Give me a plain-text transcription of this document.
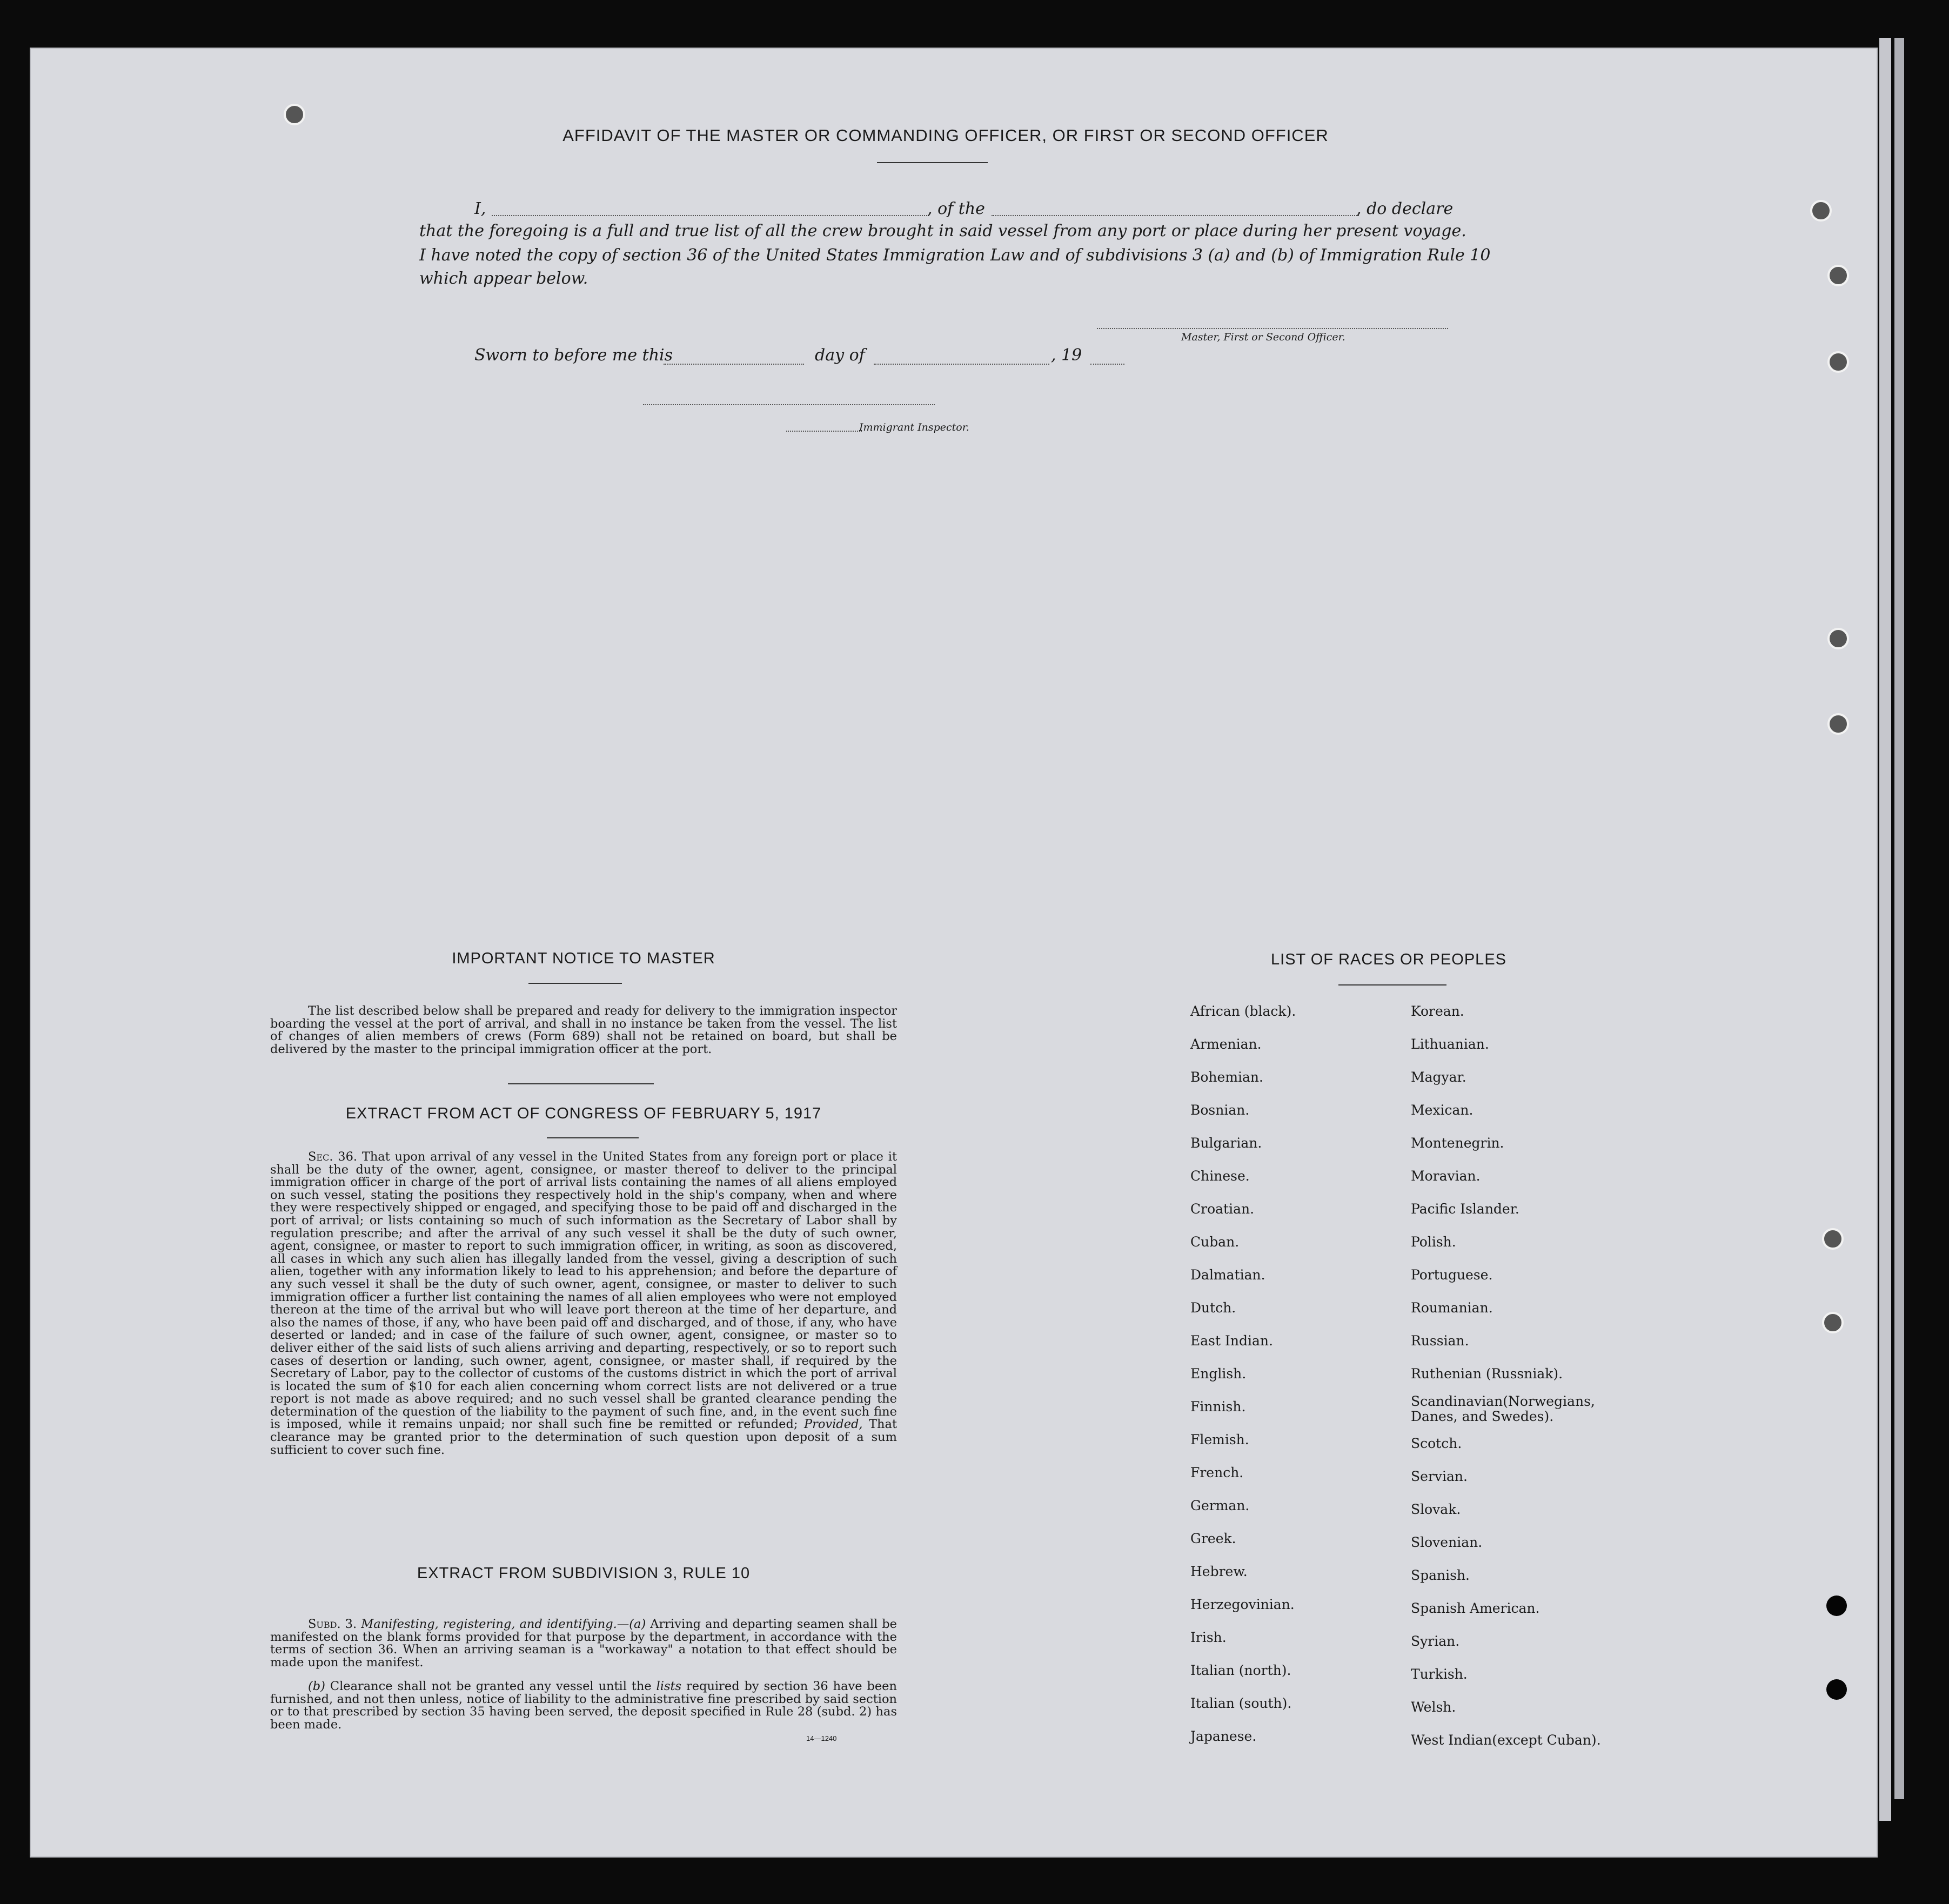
AFFIDAVIT OF THE MASTER OR COMMANDING OFFICER, OR FIRST OR SECOND OFFICER
I,	, of the	, do declare
that the foregoing is a full and true list of all the crew brought in said vessel from any port or place during her present voyage.
I have noted the copy of section 36 of the United States Immigration Law and of subdivisions 3 (a) and (b) of Immigration Rule 10
which appear below.
Master, First or Second Officer.
Sworn to before me this	day of	, 19
Immigrant Inspector.
IMPORTANT NOTICE TO MASTER

The list described below shall be prepared and ready for delivery to the immigration inspector boarding the vessel at the port of arrival, and shall in no instance be taken from the vessel. The list of changes of alien members of crews (Form 689) shall not be retained on board, but shall be delivered by the master to the principal immigration officer at the port.

EXTRACT FROM ACT OF CONGRESS OF FEBRUARY 5, 1917

Sec. 36. That upon arrival of any vessel in the United States from any foreign port or place it shall be the duty of the owner, agent, consignee, or master thereof to deliver to the principal immigration officer in charge of the port of arrival lists containing the names of all aliens employed on such vessel, stating the positions they respectively hold in the ship's company, when and where they were respectively shipped or engaged, and specifying those to be paid off and discharged in the port of arrival; or lists containing so much of such information as the Secretary of Labor shall by regulation prescribe; and after the arrival of any such vessel it shall be the duty of such owner, agent, consignee, or master to report to such immigration officer, in writing, as soon as discovered, all cases in which any such alien has illegally landed from the vessel, giving a description of such alien, together with any information likely to lead to his apprehension; and before the departure of any such vessel it shall be the duty of such owner, agent, consignee, or master to deliver to such immigration officer a further list containing the names of all alien employees who were not employed thereon at the time of the arrival but who will leave port thereon at the time of her departure, and also the names of those, if any, who have been paid off and discharged, and of those, if any, who have deserted or landed; and in case of the failure of such owner, agent, consignee, or master so to deliver either of the said lists of such aliens arriving and departing, respectively, or so to report such cases of desertion or landing, such owner, agent, consignee, or master shall, if required by the Secretary of Labor, pay to the collector of customs of the customs district in which the port of arrival is located the sum of $10 for each alien concerning whom correct lists are not delivered or a true report is not made as above required; and no such vessel shall be granted clearance pending the determination of the question of the liability to the payment of such fine, and, in the event such fine is imposed, while it remains unpaid; nor shall such fine be remitted or refunded; Provided, That clearance may be granted prior to the determination of such question upon deposit of a sum sufficient to cover such fine.

EXTRACT FROM SUBDIVISION 3, RULE 10

Subd. 3. Manifesting, registering, and identifying.—(a) Arriving and departing seamen shall be manifested on the blank forms provided for that purpose by the department, in accordance with the terms of section 36. When an arriving seaman is a "workaway" a notation to that effect should be made upon the manifest.

(b) Clearance shall not be granted any vessel until the lists required by section 36 have been furnished, and not then unless, notice of liability to the administrative fine prescribed by said section or to that prescribed by section 35 having been served, the deposit specified in Rule 28 (subd. 2) has been made.

14—1240
LIST OF RACES OR PEOPLES
African (black).
Armenian.
Bohemian.
Bosnian.
Bulgarian.
Chinese.
Croatian.
Cuban.
Dalmatian.
Dutch.
East Indian.
English.
Finnish.
Flemish.
French.
German.
Greek.
Hebrew.
Herzegovinian.
Irish.
Italian (north).
Italian (south).
Japanese.
Korean.
Lithuanian.
Magyar.
Mexican.
Montenegrin.
Moravian.
Pacific Islander.
Polish.
Portuguese.
Roumanian.
Russian.
Ruthenian (Russniak).
Scandinavian(Norwegians, Danes, and Swedes).
Scotch.
Servian.
Slovak.
Slovenian.
Spanish.
Spanish American.
Syrian.
Turkish.
Welsh.
West Indian(except Cuban).
